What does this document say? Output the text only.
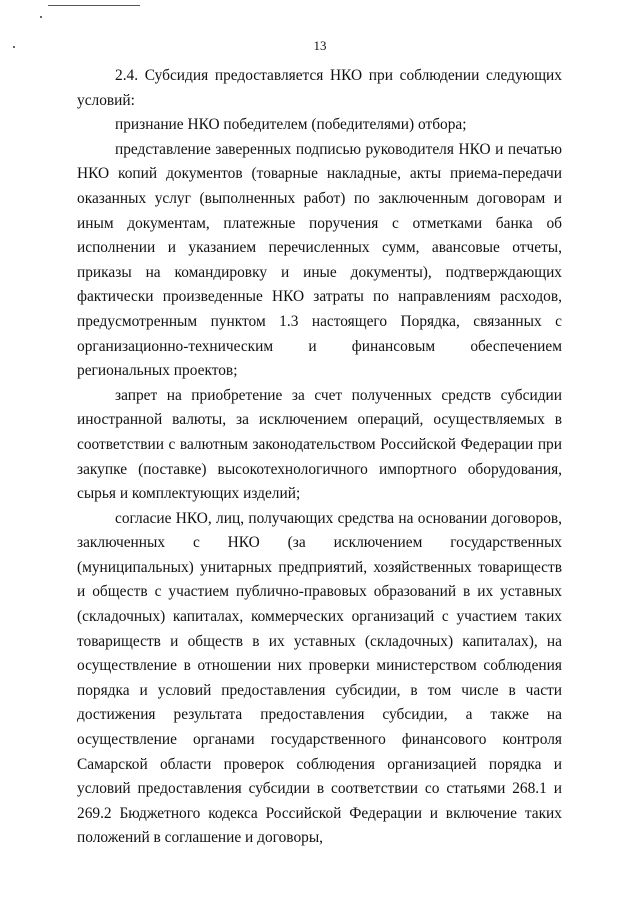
13

2.4. Субсидия предоставляется НКО при соблюдении следующих условий:

признание НКО победителем (победителями) отбора;

представление заверенных подписью руководителя НКО и печатью НКО копий документов (товарные накладные, акты приема-передачи оказанных услуг (выполненных работ) по заключенным договорам и иным документам, платежные поручения с отметками банка об исполнении и указанием перечисленных сумм, авансовые отчеты, приказы на командировку и иные документы), подтверждающих фактически произведенные НКО затраты по направлениям расходов, предусмотренным пунктом 1.3 настоящего Порядка, связанных с организационно-техническим и финансовым обеспечением региональных проектов;

запрет на приобретение за счет полученных средств субсидии иностранной валюты, за исключением операций, осуществляемых в соответствии с валютным законодательством Российской Федерации при закупке (поставке) высокотехнологичного импортного оборудования, сырья и комплектующих изделий;

согласие НКО, лиц, получающих средства на основании договоров, заключенных с НКО (за исключением государственных (муниципальных) унитарных предприятий, хозяйственных товариществ и обществ с участием публично-правовых образований в их уставных (складочных) капиталах, коммерческих организаций с участием таких товариществ и обществ в их уставных (складочных) капиталах), на осуществление в отношении них проверки министерством соблюдения порядка и условий предоставления субсидии, в том числе в части достижения результата предоставления субсидии, а также на осуществление органами государственного финансового контроля Самарской области проверок соблюдения организацией порядка и условий предоставления субсидии в соответствии со статьями 268.1 и 269.2 Бюджетного кодекса Российской Федерации и включение таких положений в соглашение и договоры,
